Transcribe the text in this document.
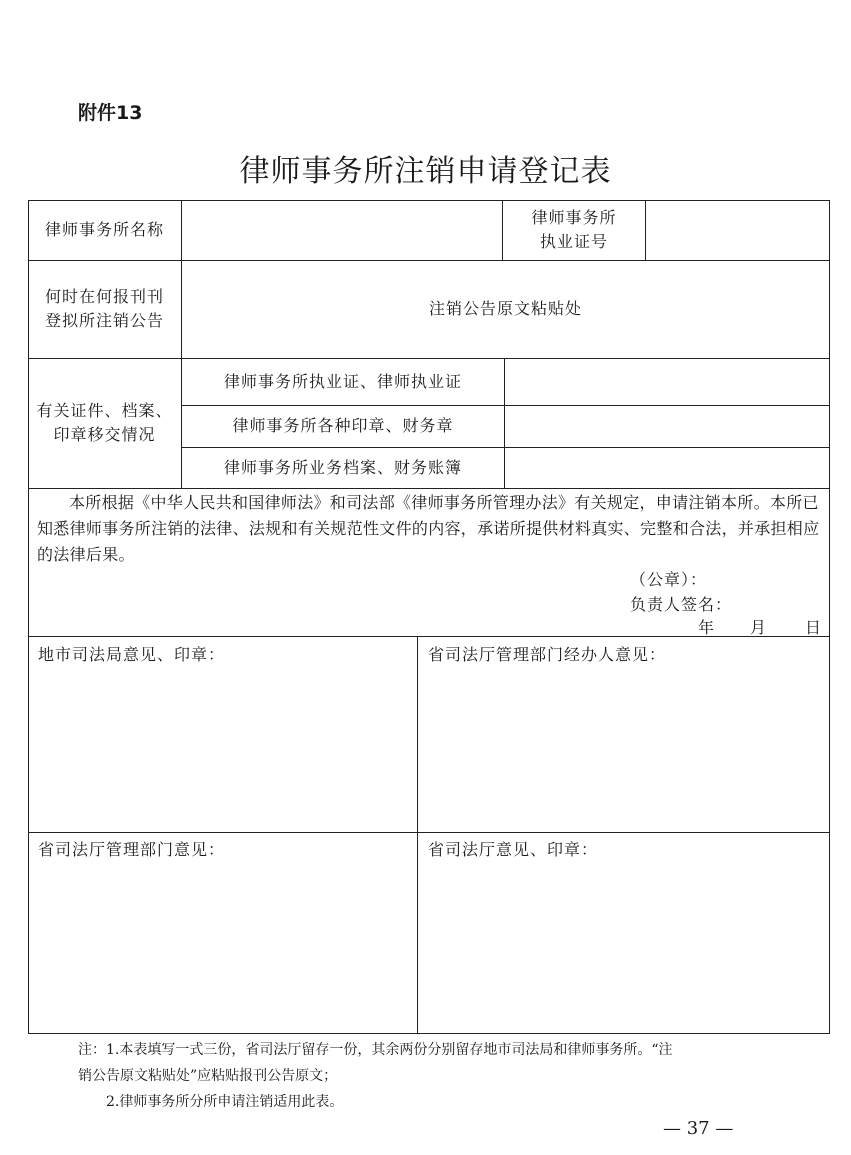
附件13
律师事务所注销申请登记表
律师事务所名称
律师事务所
执业证号
何时在何报刊刊
登拟所注销公告
注销公告原文粘贴处
有关证件、档案、
印章移交情况
律师事务所执业证、律师执业证
律师事务所各种印章、财务章
律师事务所业务档案、财务账簿

本所根据《中华人民共和国律师法》和司法部《律师事务所管理办法》有关规定，申请注销本所。本所已知悉律师事务所注销的法律、法规和有关规范性文件的内容，承诺所提供材料真实、完整和合法，并承担相应的法律后果。

（公章）：
负责人签名：
年 月 日
地市司法局意见、印章：	省司法厅管理部门经办人意见：
省司法厅管理部门意见：	省司法厅意见、印章：

注：1.本表填写一式三份，省司法厅留存一份，其余两份分别留存地市司法局和律师事务所。“注

销公告原文粘贴处”应粘贴报刊公告原文；

2.律师事务所分所申请注销适用此表。

— 37 —
